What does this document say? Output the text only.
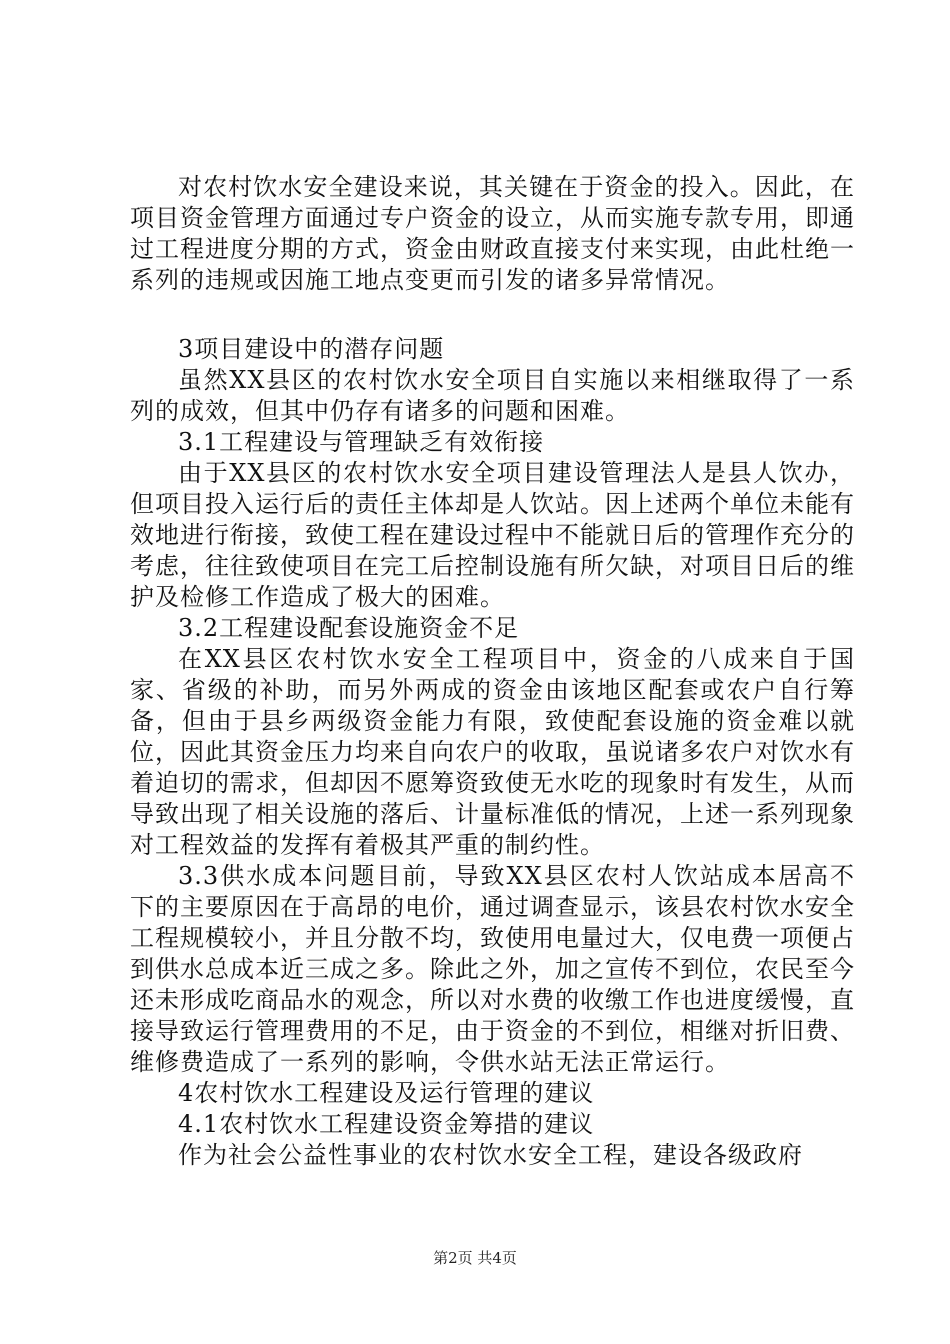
对农村饮水安全建设来说，其关键在于资金的投入。因此，在项目资金管理方面通过专户资金的设立，从而实施专款专用，即通过工程进度分期的方式，资金由财政直接支付来实现，由此杜绝一系列的违规或因施工地点变更而引发的诸多异常情况。

3项目建设中的潜存问题

虽然XX县区的农村饮水安全项目自实施以来相继取得了一系列的成效，但其中仍存有诸多的问题和困难。

3.1工程建设与管理缺乏有效衔接

由于XX县区的农村饮水安全项目建设管理法人是县人饮办，但项目投入运行后的责任主体却是人饮站。因上述两个单位未能有效地进行衔接，致使工程在建设过程中不能就日后的管理作充分的考虑，往往致使项目在完工后控制设施有所欠缺，对项目日后的维护及检修工作造成了极大的困难。

3.2工程建设配套设施资金不足

在XX县区农村饮水安全工程项目中，资金的八成来自于国家、省级的补助，而另外两成的资金由该地区配套或农户自行筹备，但由于县乡两级资金能力有限，致使配套设施的资金难以就位，因此其资金压力均来自向农户的收取，虽说诸多农户对饮水有着迫切的需求，但却因不愿筹资致使无水吃的现象时有发生，从而导致出现了相关设施的落后、计量标准低的情况，上述一系列现象对工程效益的发挥有着极其严重的制约性。

3.3供水成本问题目前，导致XX县区农村人饮站成本居高不下的主要原因在于高昂的电价，通过调查显示，该县农村饮水安全工程规模较小，并且分散不均，致使用电量过大，仅电费一项便占到供水总成本近三成之多。除此之外，加之宣传不到位，农民至今还未形成吃商品水的观念，所以对水费的收缴工作也进度缓慢，直接导致运行管理费用的不足，由于资金的不到位，相继对折旧费、维修费造成了一系列的影响，令供水站无法正常运行。

4农村饮水工程建设及运行管理的建议

4.1农村饮水工程建设资金筹措的建议

作为社会公益性事业的农村饮水安全工程，建设各级政府

第2页 共4页
